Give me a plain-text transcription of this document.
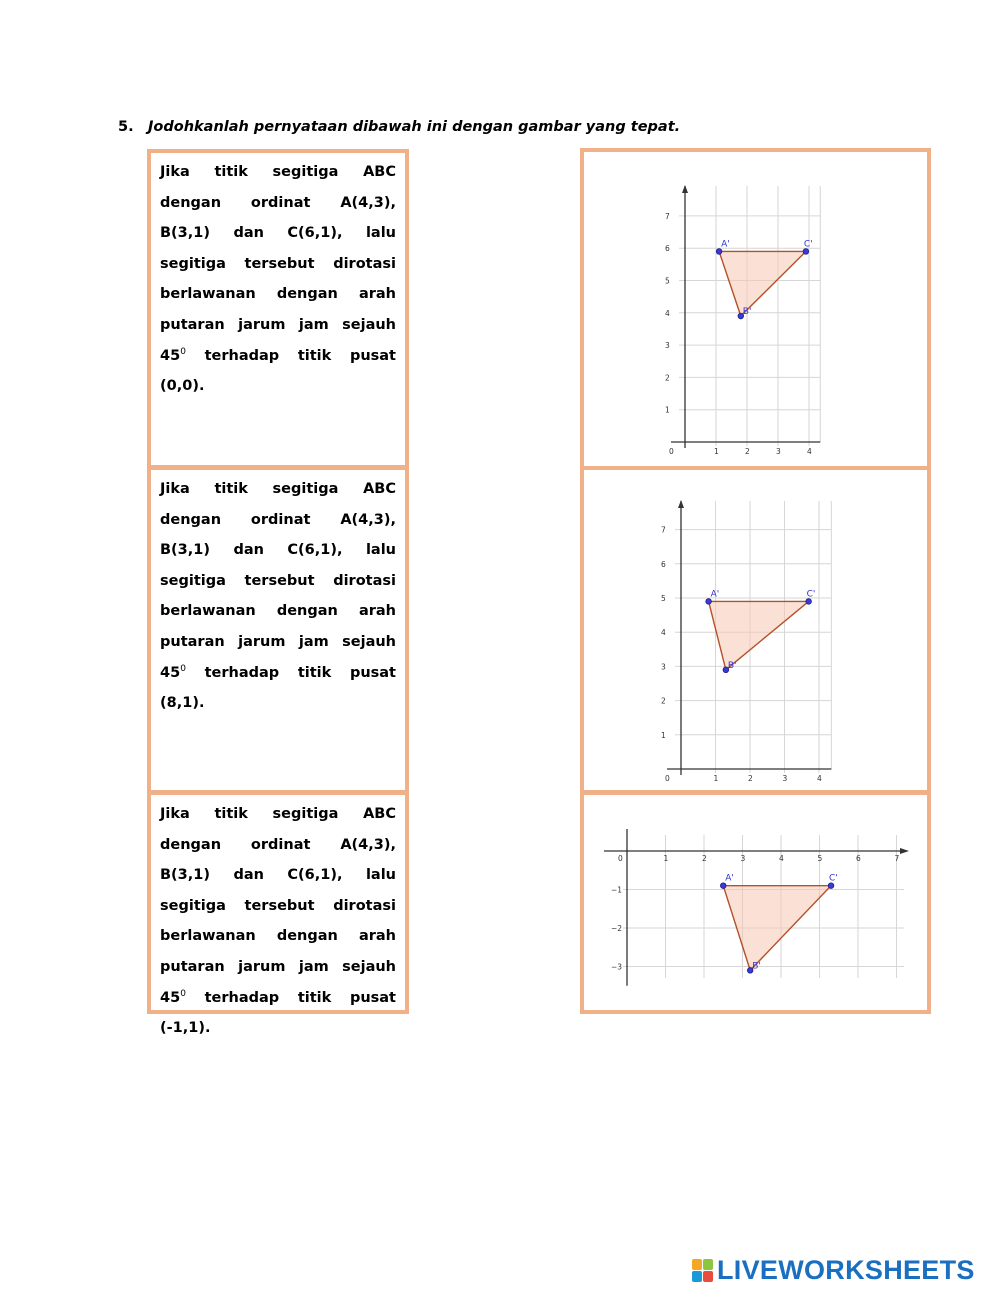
5. Jodohkanlah pernyataan dibawah ini dengan gambar yang tepat.
Jika titik segitiga ABC dengan ordinat A(4,3), B(3,1) dan C(6,1), lalu segitiga tersebut dirotasi berlawanan dengan arah putaran jarum jam sejauh $45^0$ terhadap titik pusat (0,0).
Jika titik segitiga ABC dengan ordinat A(4,3), B(3,1) dan C(6,1), lalu segitiga tersebut dirotasi berlawanan dengan arah putaran jarum jam sejauh $45^0$ terhadap titik pusat (8,1).
Jika titik segitiga ABC dengan ordinat A(4,3), B(3,1) dan C(6,1), lalu segitiga tersebut dirotasi berlawanan dengan arah putaran jarum jam sejauh $45^0$ terhadap titik pusat (-1,1).
0	1	2	3	4
1
2
3
4
5
6
7
A'
B'
C'
0	1	2	3	4
1
2
3
4
5
6
7
A'
B'
C'
0	1	2	3	4	5	6	7
−1
−2
−3
A'
B'
C'
LIVEWORKSHEETS
